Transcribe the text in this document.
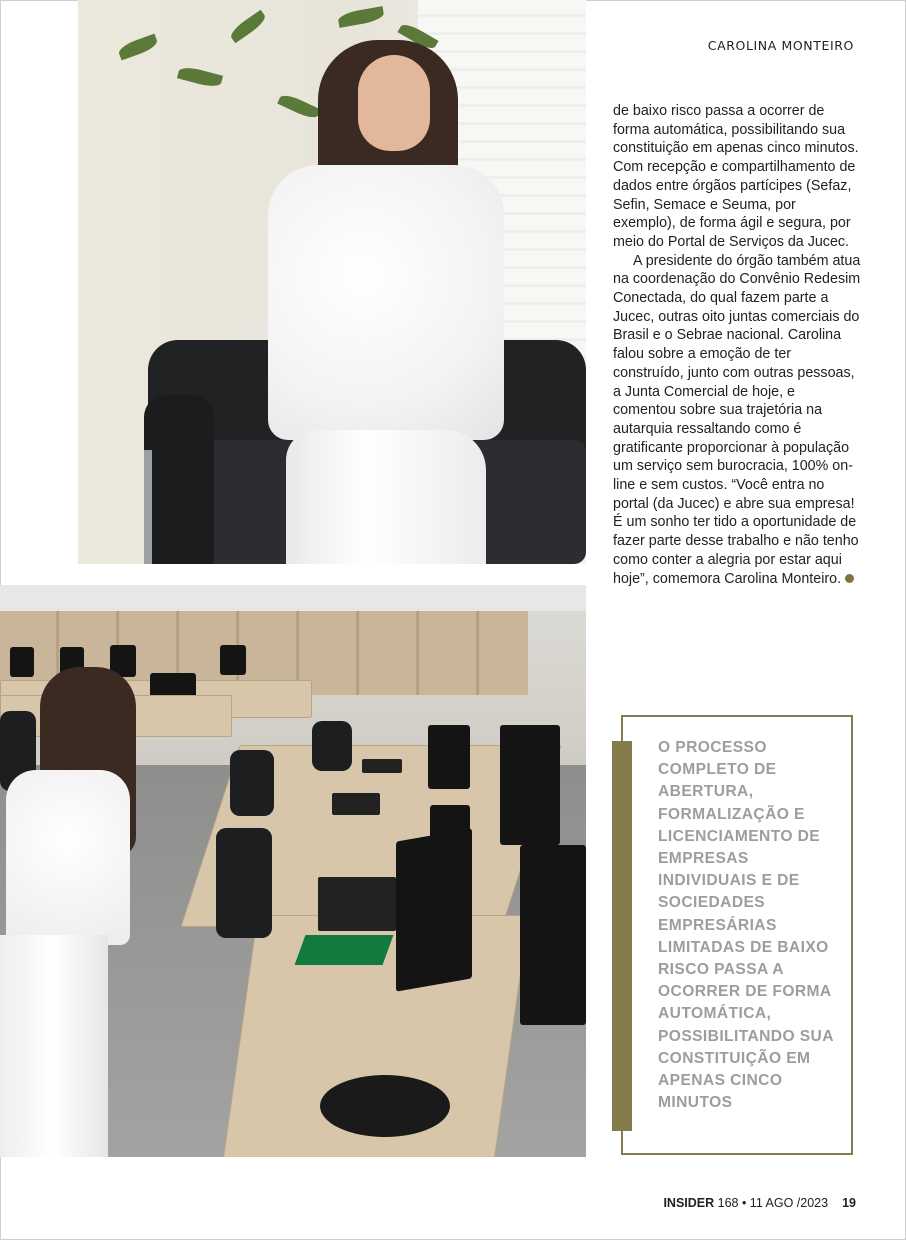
CAROLINA MONTEIRO

de baixo risco passa a ocorrer de forma automática, possibilitando sua constituição em apenas cinco minutos. Com recepção e compartilhamento de dados entre órgãos partícipes (Sefaz, Sefin, Semace e Seuma, por exemplo), de forma ágil e segura, por meio do Portal de Serviços da Jucec.

A presidente do órgão também atua na coordenação do Convênio Redesim Conectada, do qual fazem parte a Jucec, outras oito juntas comerciais do Brasil e o Sebrae nacional. Carolina falou sobre a emoção de ter construído, junto com outras pessoas, a Junta Comercial de hoje, e comentou sobre sua trajetória na autarquia ressaltando como é gratificante proporcionar à população um serviço sem burocracia, 100% on-line e sem custos. “Você entra no portal (da Jucec) e abre sua empresa! É um sonho ter tido a oportunidade de fazer parte desse trabalho e não tenho como conter a alegria por estar aqui hoje”, comemora Carolina Monteiro.

O PROCESSO COMPLETO DE ABERTURA, FORMALIZAÇÃO E LICENCIAMENTO DE EMPRESAS INDIVIDUAIS E DE SOCIEDADES EMPRESÁRIAS LIMITADAS DE BAIXO RISCO PASSA A OCORRER DE FORMA AUTOMÁTICA, POSSIBILITANDO SUA CONSTITUIÇÃO EM APENAS CINCO MINUTOS
INSIDER 168 • 11 AGO /2023 19
